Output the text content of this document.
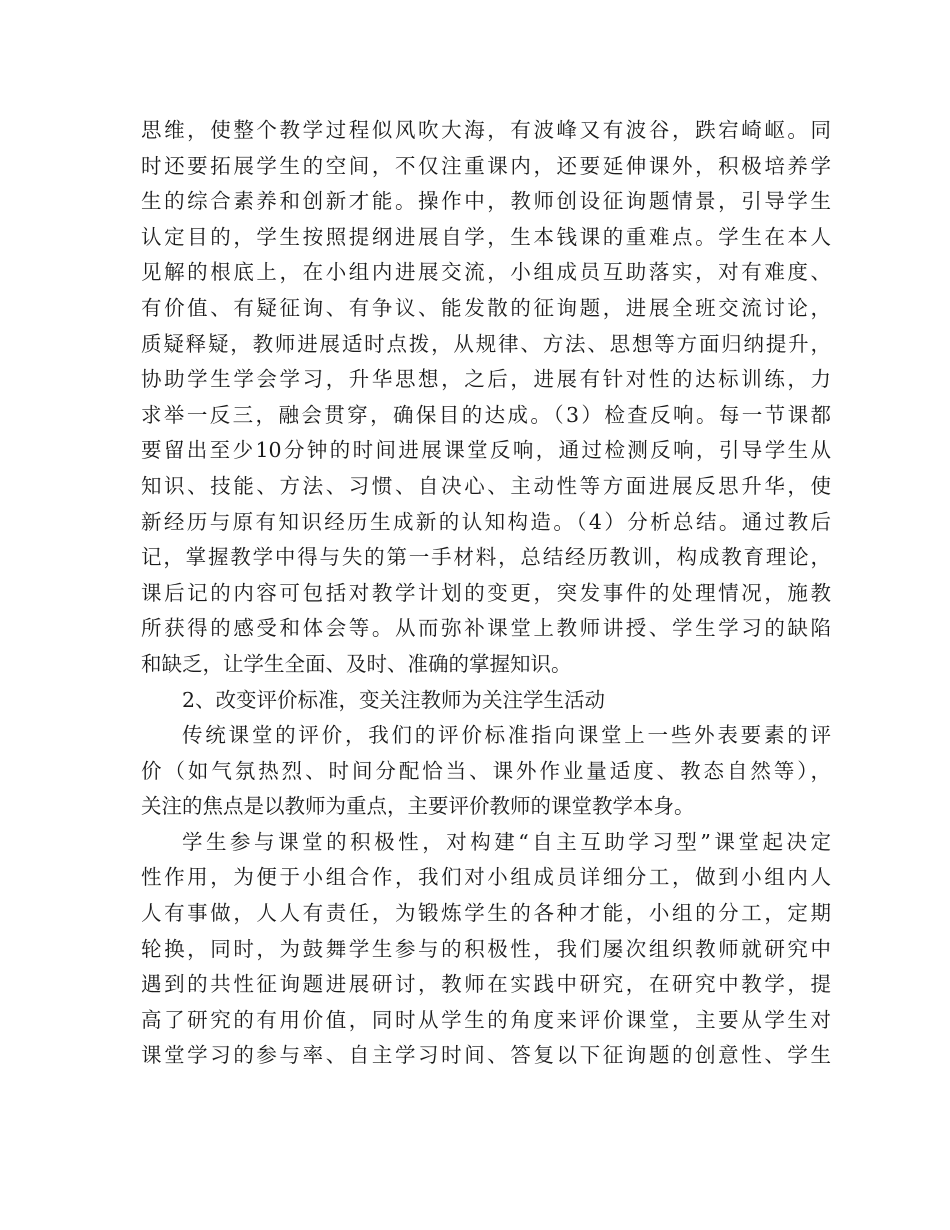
思维，使整个教学过程似风吹大海，有波峰又有波谷，跌宕崎岖。同
时还要拓展学生的空间，不仅注重课内，还要延伸课外，积极培养学
生的综合素养和创新才能。操作中，教师创设征询题情景，引导学生
认定目的，学生按照提纲进展自学，生本钱课的重难点。学生在本人
见解的根底上，在小组内进展交流，小组成员互助落实，对有难度、
有价值、有疑征询、有争议、能发散的征询题，进展全班交流讨论，
质疑释疑，教师进展适时点拨，从规律、方法、思想等方面归纳提升，
协助学生学会学习，升华思想，之后，进展有针对性的达标训练，力
求举一反三，融会贯穿，确保目的达成。（3）检查反响。每一节课都
要留出至少10分钟的时间进展课堂反响，通过检测反响，引导学生从
知识、技能、方法、习惯、自决心、主动性等方面进展反思升华，使
新经历与原有知识经历生成新的认知构造。（4）分析总结。通过教后
记，掌握教学中得与失的第一手材料，总结经历教训，构成教育理论，
课后记的内容可包括对教学计划的变更，突发事件的处理情况，施教
所获得的感受和体会等。从而弥补课堂上教师讲授、学生学习的缺陷
和缺乏，让学生全面、及时、准确的掌握知识。
2、改变评价标准，变关注教师为关注学生活动
传统课堂的评价，我们的评价标准指向课堂上一些外表要素的评
价（如气氛热烈、时间分配恰当、课外作业量适度、教态自然等），
关注的焦点是以教师为重点，主要评价教师的课堂教学本身。
学生参与课堂的积极性，对构建“自主互助学习型”课堂起决定
性作用，为便于小组合作，我们对小组成员详细分工，做到小组内人
人有事做，人人有责任，为锻炼学生的各种才能，小组的分工，定期
轮换，同时，为鼓舞学生参与的积极性，我们屡次组织教师就研究中
遇到的共性征询题进展研讨，教师在实践中研究，在研究中教学，提
高了研究的有用价值，同时从学生的角度来评价课堂，主要从学生对
课堂学习的参与率、自主学习时间、答复以下征询题的创意性、学生
